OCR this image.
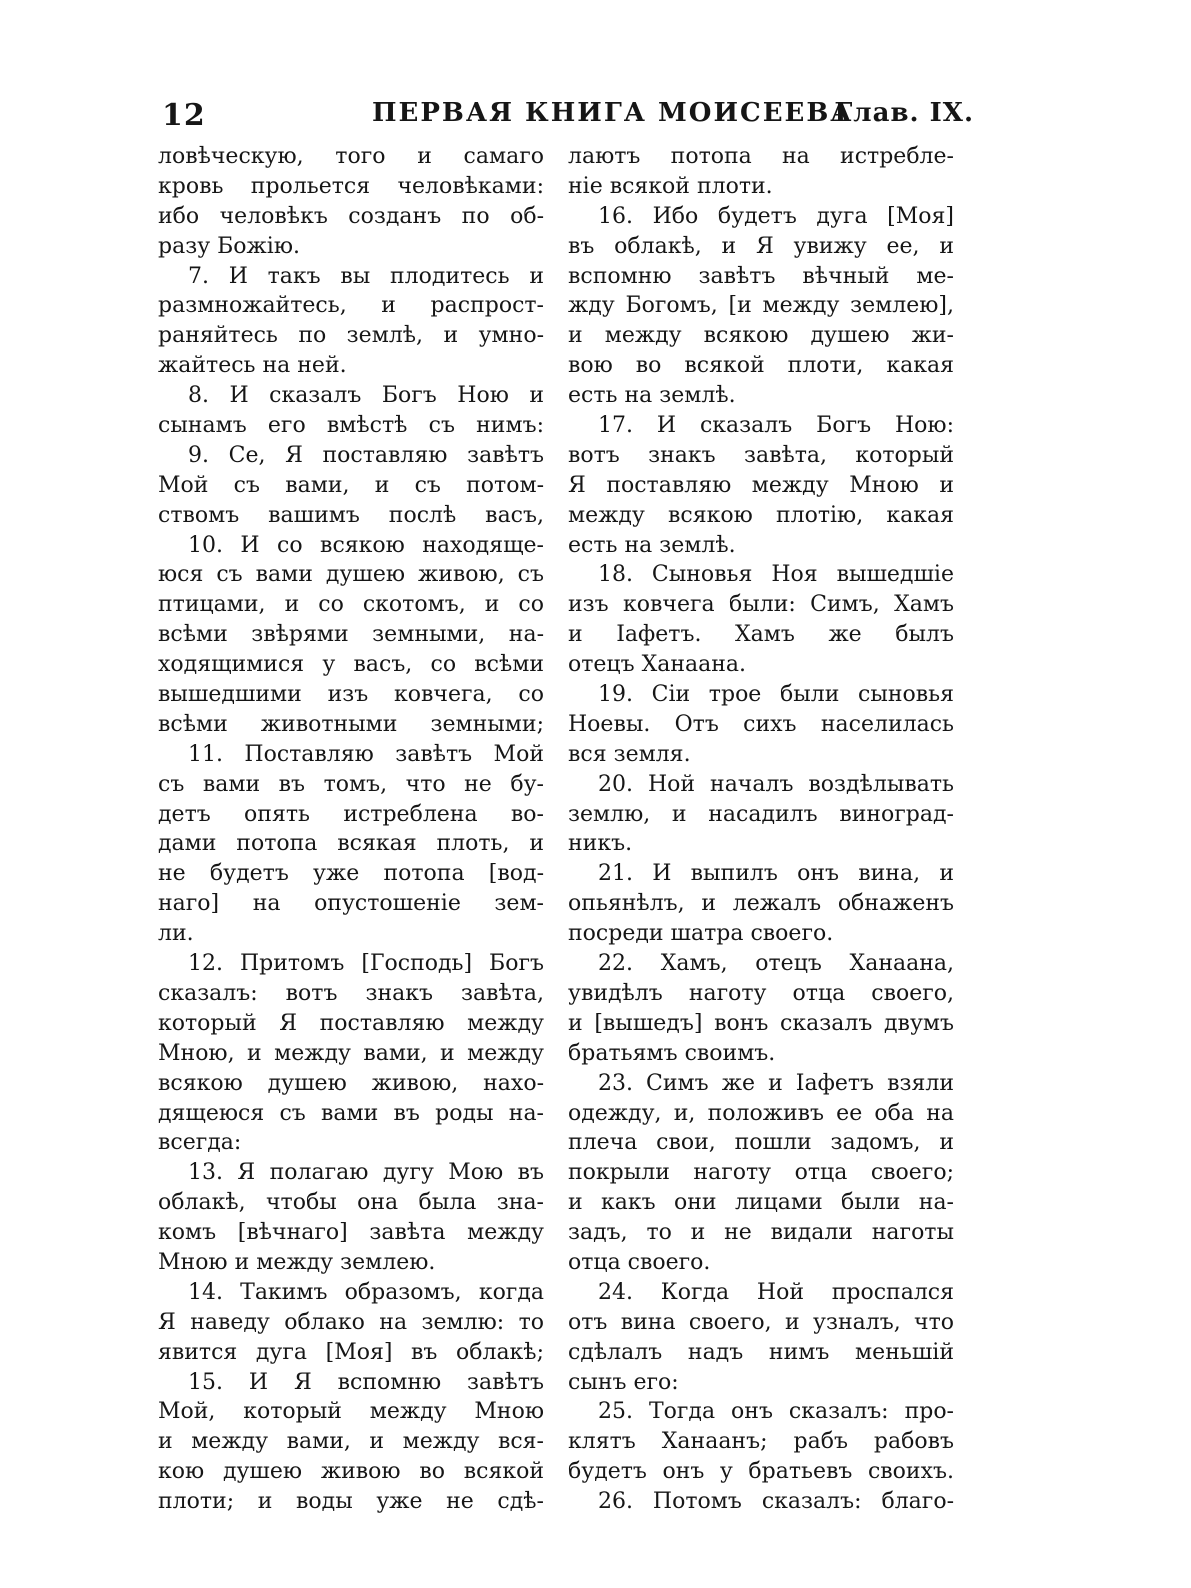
12	ПЕРВАЯ КНИГА МОИСЕЕВА
Глав. IX.
ловѣческую, того и самаго
кровь прольется человѣками:
ибо человѣкъ созданъ по об-
разу Божію.
7. И такъ вы плодитесь и
размножайтесь, и распрост-
раняйтесь по землѣ, и умно-
жайтесь на ней.
8. И сказалъ Богъ Ною и
сынамъ его вмѣстѣ съ нимъ:
9. Се, Я поставляю завѣтъ
Мой съ вами, и съ потом-
ствомъ вашимъ послѣ васъ,
10. И со всякою находяще-
юся съ вами душею живою, съ
птицами, и со скотомъ, и со
всѣми звѣрями земными, на-
ходящимися у васъ, со всѣми
вышедшими изъ ковчега, со
всѣми животными земными;
11. Поставляю завѣтъ Мой
съ вами въ томъ, что не бу-
детъ опять истреблена во-
дами потопа всякая плоть, и
не будетъ уже потопа [вод-
наго] на опустошеніе зем-
ли.
12. Притомъ [Господь] Богъ
сказалъ: вотъ знакъ завѣта,
который Я поставляю между
Мною, и между вами, и между
всякою душею живою, нахо-
дящеюся съ вами въ роды на-
всегда:
13. Я полагаю дугу Мою въ
облакѣ, чтобы она была зна-
комъ [вѣчнаго] завѣта между
Мною и между землею.
14. Такимъ образомъ, когда
Я наведу облако на землю: то
явится дуга [Моя] въ облакѣ;
15. И Я вспомню завѣтъ
Мой, который между Мною
и между вами, и между вся-
кою душею живою во всякой
плоти; и воды уже не сдѣ-
лаютъ потопа на истребле-
ніе всякой плоти.
16. Ибо будетъ дуга [Моя]
въ облакѣ, и Я увижу ее, и
вспомню завѣтъ вѣчный ме-
жду Богомъ, [и между землею],
и между всякою душею жи-
вою во всякой плоти, какая
есть на землѣ.
17. И сказалъ Богъ Ною:
вотъ знакъ завѣта, который
Я поставляю между Мною и
между всякою плотію, какая
есть на землѣ.
18. Сыновья Ноя вышедшіе
изъ ковчега были: Симъ, Хамъ
и Іафетъ. Хамъ же былъ
отецъ Ханаана.
19. Сіи трое были сыновья
Ноевы. Отъ сихъ населилась
вся земля.
20. Ной началъ воздѣлывать
землю, и насадилъ виноград-
никъ.
21. И выпилъ онъ вина, и
опьянѣлъ, и лежалъ обнаженъ
посреди шатра своего.
22. Хамъ, отецъ Ханаана,
увидѣлъ наготу отца своего,
и [вышедъ] вонъ сказалъ двумъ
братьямъ своимъ.
23. Симъ же и Іафетъ взяли
одежду, и, положивъ ее оба на
плеча свои, пошли задомъ, и
покрыли наготу отца своего;
и какъ они лицами были на-
задъ, то и не видали наготы
отца своего.
24. Когда Ной проспался
отъ вина своего, и узналъ, что
сдѣлалъ надъ нимъ меньшій
сынъ его:
25. Тогда онъ сказалъ: про-
клятъ Ханаанъ; рабъ рабовъ
будетъ онъ у братьевъ своихъ.
26. Потомъ сказалъ: благо-
